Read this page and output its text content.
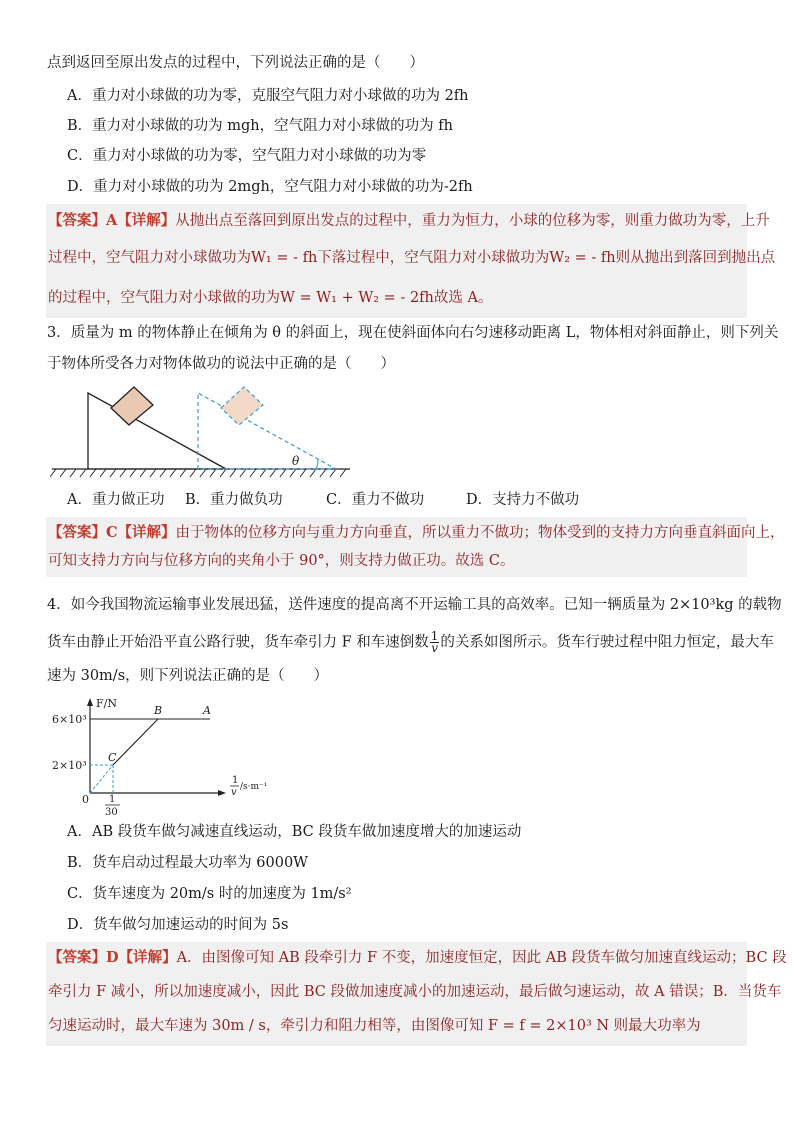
点到返回至原出发点的过程中，下列说法正确的是（　　）
A．重力对小球做的功为零，克服空气阻力对小球做的功为 2fh
B．重力对小球做的功为 mgh，空气阻力对小球做的功为 fh
C．重力对小球做的功为零，空气阻力对小球做的功为零
D．重力对小球做的功为 2mgh，空气阻力对小球做的功为-2fh
【答案】A【详解】从抛出点至落回到原出发点的过程中，重力为恒力，小球的位移为零，则重力做功为零，上升
过程中，空气阻力对小球做功为W₁ = - fh下落过程中，空气阻力对小球做功为W₂ = - fh则从抛出到落回到抛出点
的过程中，空气阻力对小球做的功为W = W₁ + W₂ = - 2fh故选 A。
3．质量为 m 的物体静止在倾角为 θ 的斜面上，现在使斜面体向右匀速移动距离 L，物体相对斜面静止，则下列关
于物体所受各力对物体做功的说法中正确的是（　　）
θ
A．重力做正功 B．重力做负功	C．重力不做功	D．支持力不做功
【答案】C【详解】由于物体的位移方向与重力方向垂直，所以重力不做功；物体受到的支持力方向垂直斜面向上，
可知支持力方向与位移方向的夹角小于 90°，则支持力做正功。故选 C。
4．如今我国物流运输事业发展迅猛，送件速度的提高离不开运输工具的高效率。已知一辆质量为 2×10³kg 的载物
货车由静止开始沿平直公路行驶，货车牵引力 F 和车速倒数 $\frac{1}{v}$ 的关系如图所示。货车行驶过程中阻力恒定，最大车
速为 30m/s，则下列说法正确的是（　　）
F/N
6×10³
2×10³
B	A
C
0 1
30
1
v /s·m⁻¹
A．AB 段货车做匀减速直线运动，BC 段货车做加速度增大的加速运动
B．货车启动过程最大功率为 6000W
C．货车速度为 20m/s 时的加速度为 1m/s²
D．货车做匀加速运动的时间为 5s
【答案】D【详解】A．由图像可知 AB 段牵引力 F 不变，加速度恒定，因此 AB 段货车做匀加速直线运动；BC 段
牵引力 F 减小，所以加速度减小，因此 BC 段做加速度减小的加速运动，最后做匀速运动，故 A 错误；B．当货车
匀速运动时，最大车速为 30m / s，牵引力和阻力相等，由图像可知 F = f = 2×10³ N 则最大功率为
